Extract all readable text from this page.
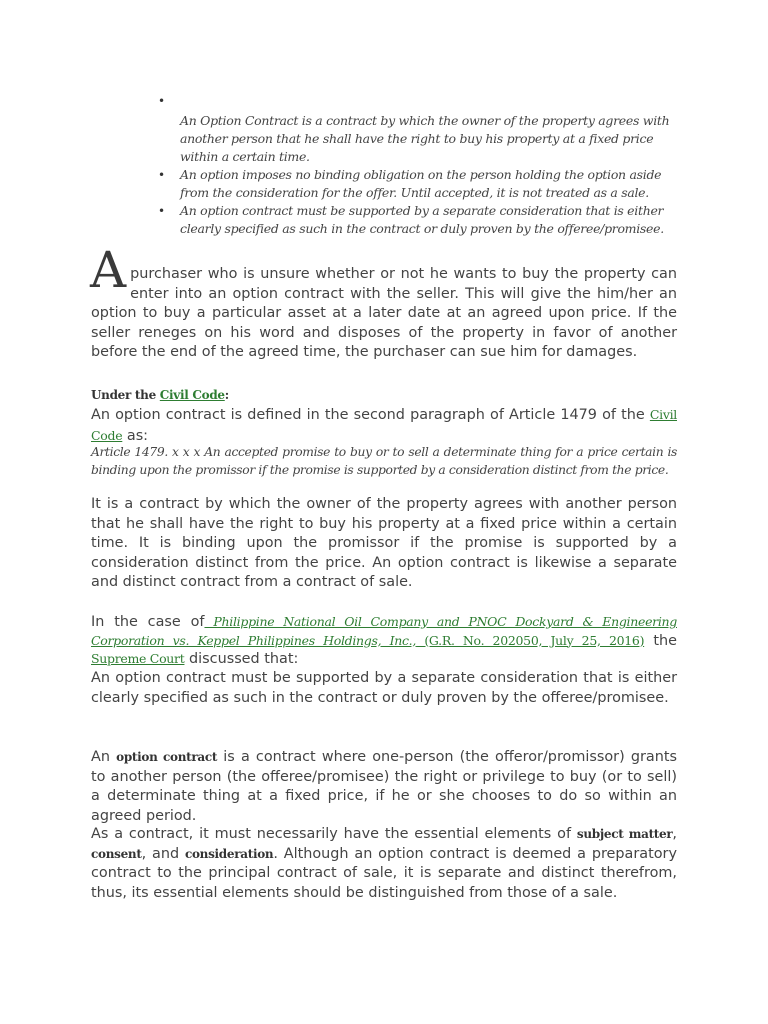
•
An Option Contract is a contract by which the owner of the property agrees with another person that he shall have the right to buy his property at a fixed price within a certain time.
• An option imposes no binding obligation on the person holding the option aside from the consideration for the offer. Until accepted, it is not treated as a sale.
• An option contract must be supported by a separate consideration that is either clearly specified as such in the contract or duly proven by the offeree/promisee.
A purchaser who is unsure whether or not he wants to buy the property can enter into an option contract with the seller. This will give the him/her an option to buy a particular asset at a later date at an agreed upon price. If the seller reneges on his word and disposes of the property in favor of another before the end of the agreed time, the purchaser can sue him for damages.
Under the Civil Code:
An option contract is defined in the second paragraph of Article 1479 of the Civil Code as:
Article 1479. x x x An accepted promise to buy or to sell a determinate thing for a price certain is binding upon the promissor if the promise is supported by a consideration distinct from the price.
It is a contract by which the owner of the property agrees with another person that he shall have the right to buy his property at a fixed price within a certain time. It is binding upon the promissor if the promise is supported by a consideration distinct from the price. An option contract is likewise a separate and distinct contract from a contract of sale.
In the case of Philippine National Oil Company and PNOC Dockyard & Engineering Corporation vs. Keppel Philippines Holdings, Inc., (G.R. No. 202050, July 25, 2016) the Supreme Court discussed that:
An option contract must be supported by a separate consideration that is either clearly specified as such in the contract or duly proven by the offeree/promisee.
An option contract is a contract where one-person (the offeror/promissor) grants to another person (the offeree/promisee) the right or privilege to buy (or to sell) a determinate thing at a fixed price, if he or she chooses to do so within an agreed period.
As a contract, it must necessarily have the essential elements of subject matter, consent, and consideration. Although an option contract is deemed a preparatory contract to the principal contract of sale, it is separate and distinct therefrom, thus, its essential elements should be distinguished from those of a sale.
